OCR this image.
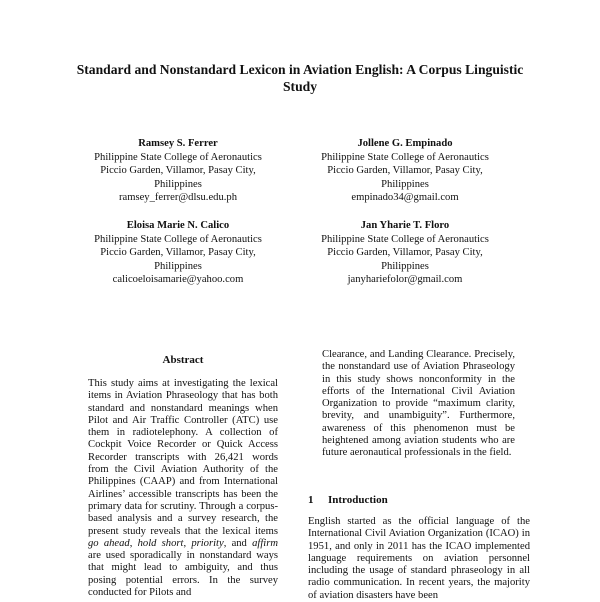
Standard and Nonstandard Lexicon in Aviation English: A Corpus Linguistic Study
Ramsey S. Ferrer
Philippine State College of Aeronautics
Piccio Garden, Villamor, Pasay City,
Philippines
ramsey_ferrer@dlsu.edu.ph
Jollene G. Empinado
Philippine State College of Aeronautics
Piccio Garden, Villamor, Pasay City,
Philippines
empinado34@gmail.com
Eloisa Marie N. Calico
Philippine State College of Aeronautics
Piccio Garden, Villamor, Pasay City,
Philippines
calicoeloisamarie@yahoo.com
Jan Yharie T. Floro
Philippine State College of Aeronautics
Piccio Garden, Villamor, Pasay City,
Philippines
janyhariefolor@gmail.com
Abstract

This study aims at investigating the lexical items in Aviation Phraseology that has both standard and nonstandard meanings when Pilot and Air Traffic Controller (ATC) use them in radiotelephony. A collection of Cockpit Voice Recorder or Quick Access Recorder transcripts with 26,421 words from the Civil Aviation Authority of the Philippines (CAAP) and from International Airlines’ accessible transcripts has been the primary data for scrutiny. Through a corpus-based analysis and a survey research, the present study reveals that the lexical items go ahead, hold short, priority, and affirm are used sporadically in nonstandard ways that might lead to ambiguity, and thus posing potential errors. In the survey conducted for Pilots and

Clearance, and Landing Clearance. Precisely, the nonstandard use of Aviation Phraseology in this study shows nonconformity in the efforts of the International Civil Aviation Organization to provide “maximum clarity, brevity, and unambiguity”. Furthermore, awareness of this phenomenon must be heightened among aviation students who are future aeronautical professionals in the field.

1 Introduction

English started as the official language of the International Civil Aviation Organization (ICAO) in 1951, and only in 2011 has the ICAO implemented language requirements on aviation personnel including the usage of standard phraseology in all radio communication. In recent years, the majority of aviation disasters have been
